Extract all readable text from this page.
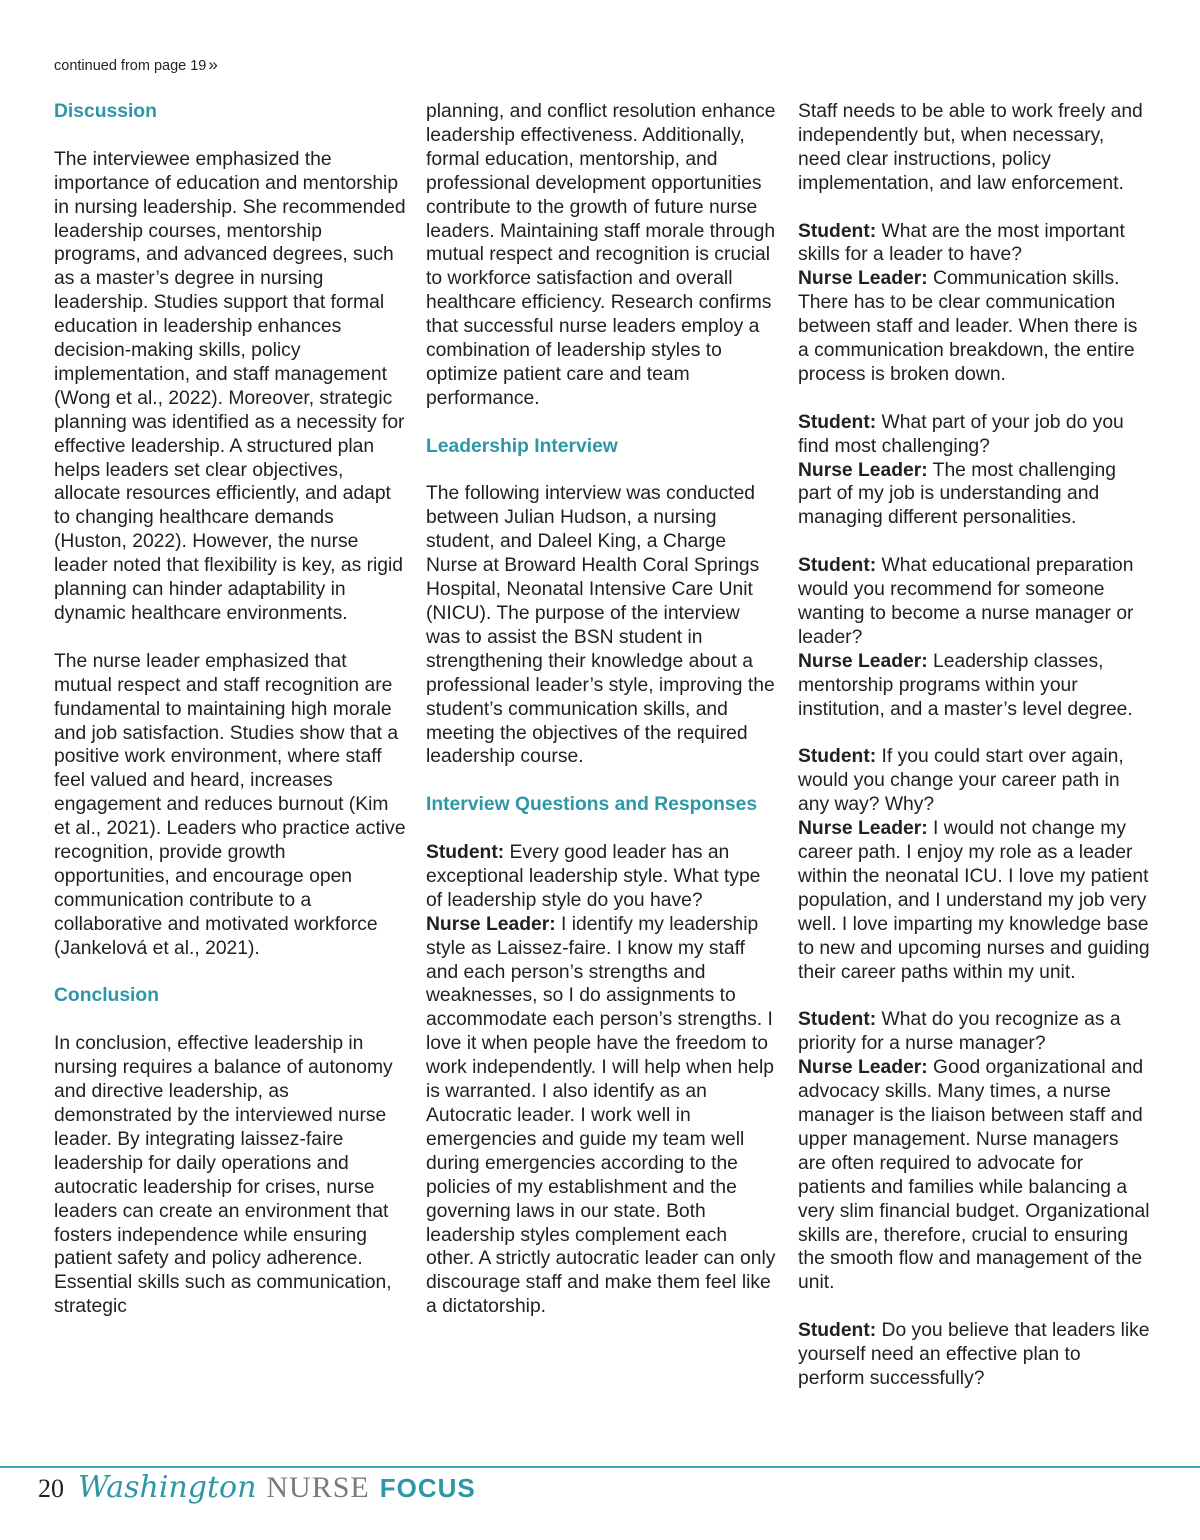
continued from page 19 »
Discussion

The interviewee emphasized the importance of education and mentorship in nursing leadership. She recommended leadership courses, mentorship programs, and advanced degrees, such as a master’s degree in nursing leadership. Studies support that formal education in leadership enhances decision-making skills, policy implementation, and staff management (Wong et al., 2022). Moreover, strategic planning was identified as a necessity for effective leadership. A structured plan helps leaders set clear objectives, allocate resources efficiently, and adapt to changing healthcare demands (Huston, 2022). However, the nurse leader noted that flexibility is key, as rigid planning can hinder adaptability in dynamic healthcare environments.

The nurse leader emphasized that mutual respect and staff recognition are fundamental to maintaining high morale and job satisfaction. Studies show that a positive work environment, where staff feel valued and heard, increases engagement and reduces burnout (Kim et al., 2021). Leaders who practice active recognition, provide growth opportunities, and encourage open communication contribute to a collaborative and motivated workforce (Jankelová et al., 2021).

Conclusion

In conclusion, effective leadership in nursing requires a balance of autonomy and directive leadership, as demonstrated by the interviewed nurse leader. By integrating laissez-faire leadership for daily operations and autocratic leadership for crises, nurse leaders can create an environment that fosters independence while ensuring patient safety and policy adherence. Essential skills such as communication, strategic

planning, and conflict resolution enhance leadership effectiveness. Additionally, formal education, mentorship, and professional development opportunities contribute to the growth of future nurse leaders. Maintaining staff morale through mutual respect and recognition is crucial to workforce satisfaction and overall healthcare efficiency. Research confirms that successful nurse leaders employ a combination of leadership styles to optimize patient care and team performance.

Leadership Interview

The following interview was conducted between Julian Hudson, a nursing student, and Daleel King, a Charge Nurse at Broward Health Coral Springs Hospital, Neonatal Intensive Care Unit (NICU). The purpose of the interview was to assist the BSN student in strengthening their knowledge about a professional leader’s style, improving the student’s communication skills, and meeting the objectives of the required leadership course.

Interview Questions and Responses
Student: Every good leader has an exceptional leadership style. What type of leadership style do you have?
Nurse Leader: I identify my leadership style as Laissez-faire. I know my staff and each person’s strengths and weaknesses, so I do assignments to accommodate each person’s strengths. I love it when people have the freedom to work independently. I will help when help is warranted. I also identify as an Autocratic leader. I work well in emergencies and guide my team well during emergencies according to the policies of my establishment and the governing laws in our state. Both leadership styles complement each other. A strictly autocratic leader can only discourage staff and make them feel like a dictatorship.

Staff needs to be able to work freely and independently but, when necessary, need clear instructions, policy implementation, and law enforcement.

Student: What are the most important skills for a leader to have?
Nurse Leader: Communication skills. There has to be clear communication between staff and leader. When there is a communication breakdown, the entire process is broken down.
Student: What part of your job do you find most challenging?
Nurse Leader: The most challenging part of my job is understanding and managing different personalities.
Student: What educational preparation would you recommend for someone wanting to become a nurse manager or leader?
Nurse Leader: Leadership classes, mentorship programs within your institution, and a master’s level degree.
Student: If you could start over again, would you change your career path in any way? Why?
Nurse Leader: I would not change my career path. I enjoy my role as a leader within the neonatal ICU. I love my patient population, and I understand my job very well. I love imparting my knowledge base to new and upcoming nurses and guiding their career paths within my unit.
Student: What do you recognize as a priority for a nurse manager?
Nurse Leader: Good organizational and advocacy skills. Many times, a nurse manager is the liaison between staff and upper management. Nurse managers are often required to advocate for patients and families while balancing a very slim financial budget. Organizational skills are, therefore, crucial to ensuring the smooth flow and management of the unit.
Student: Do you believe that leaders like yourself need an effective plan to perform successfully?
20 Washington NURSE FOCUS
